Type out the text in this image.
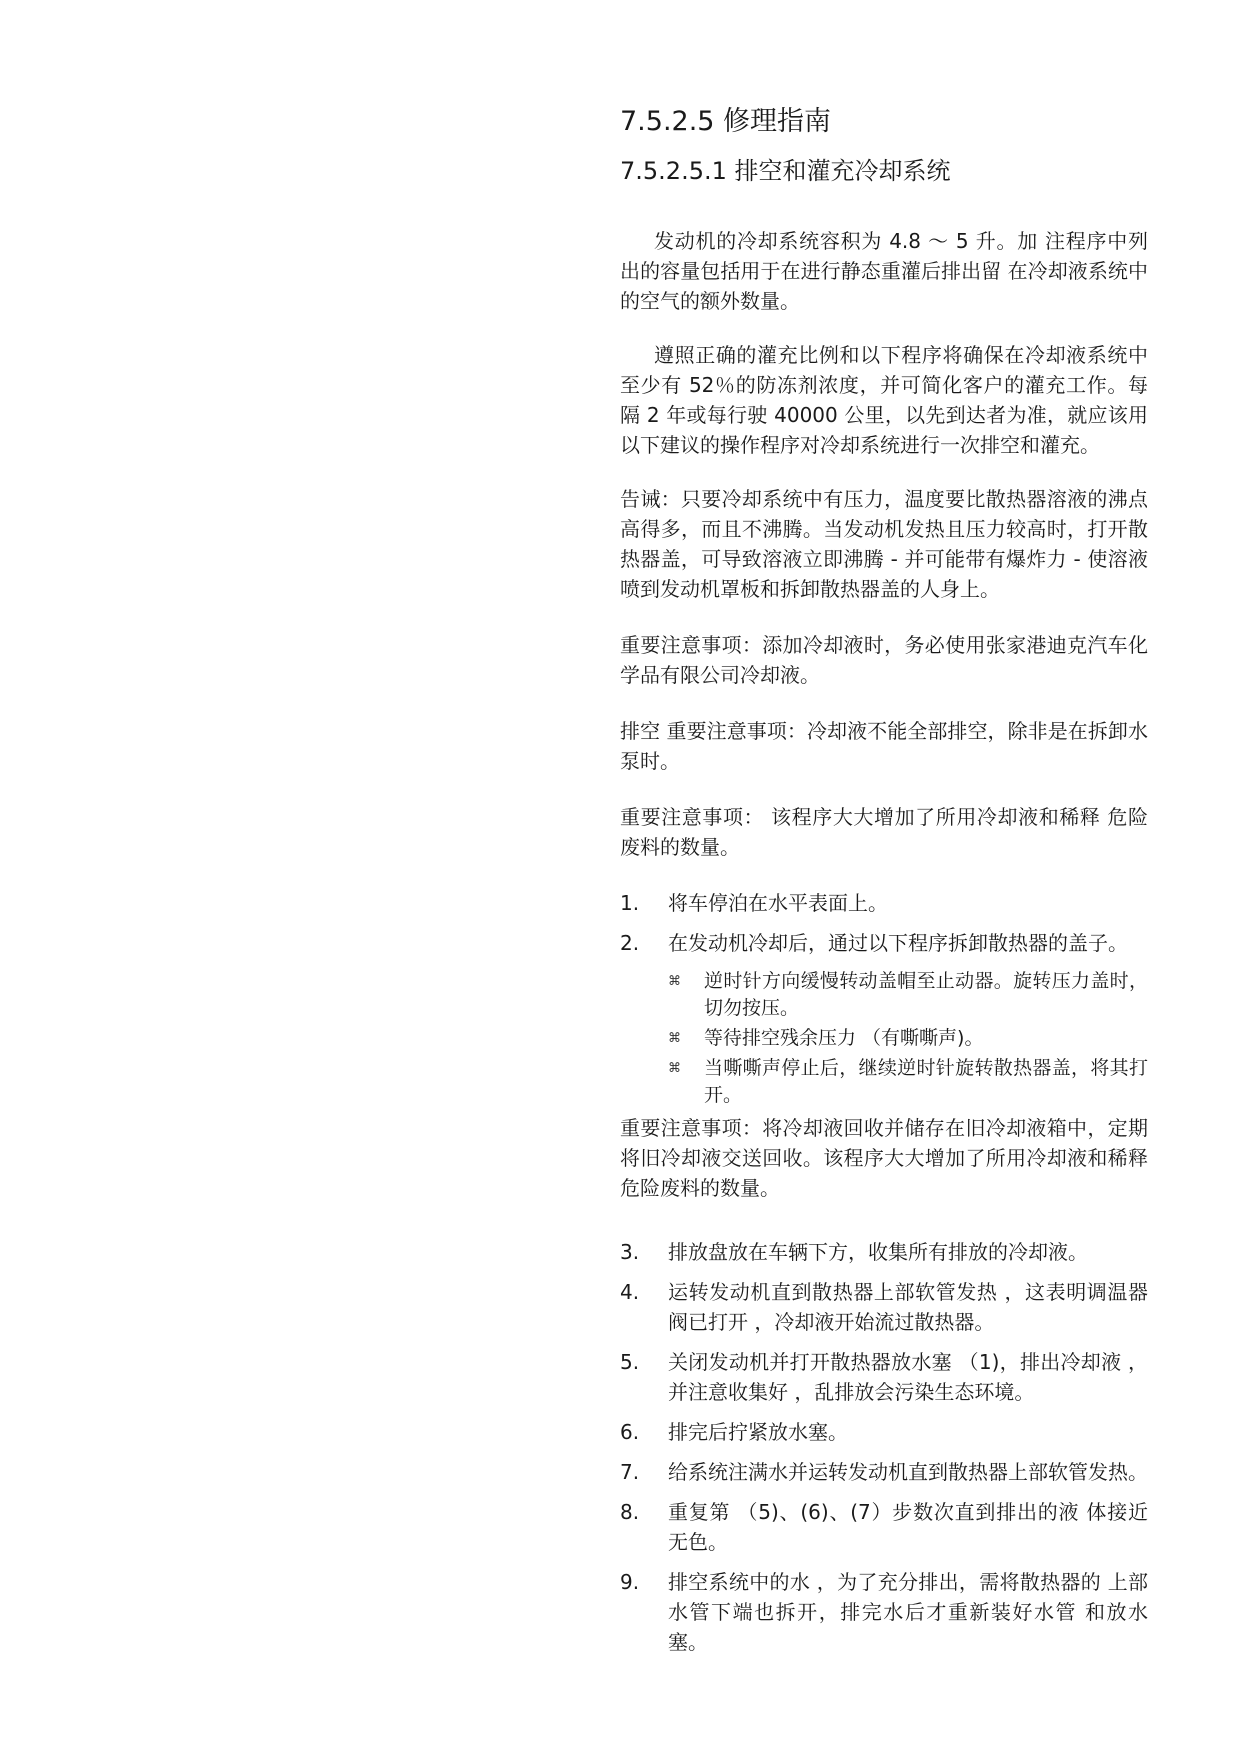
7.5.2.5 修理指南
7.5.2.5.1 排空和灌充冷却系统

发动机的冷却系统容积为 4.8 ～ 5 升。加 注程序中列出的容量包括用于在进行静态重灌后排出留 在冷却液系统中的空气的额外数量。

遵照正确的灌充比例和以下程序将确保在冷却液系统中 至少有 52％的防冻剂浓度，并可简化客户的灌充工作。每隔 2 年或每行驶 40000 公里，以先到达者为准，就应该用以下建议的操作程序对冷却系统进行一次排空和灌充。

告诫：只要冷却系统中有压力，温度要比散热器溶液的沸点高得多，而且不沸腾。当发动机发热且压力较高时，打开散热器盖，可导致溶液立即沸腾 - 并可能带有爆炸力 - 使溶液喷到发动机罩板和拆卸散热器盖的人身上。

重要注意事项：添加冷却液时，务必使用张家港迪克汽车化学品有限公司冷却液。

排空 重要注意事项：冷却液不能全部排空，除非是在拆卸水泵时。

重要注意事项： 该程序大大增加了所用冷却液和稀释 危险废料的数量。

1.	将车停泊在水平表面上。
2.	在发动机冷却后，通过以下程序拆卸散热器的盖子。
⌘	逆时针方向缓慢转动盖帽至止动器。旋转压力盖时，切勿按压。
⌘	等待排空残余压力 （有嘶嘶声)。
⌘	当嘶嘶声停止后，继续逆时针旋转散热器盖，将其打开。
重要注意事项：将冷却液回收并储存在旧冷却液箱中，定期将旧冷却液交送回收。该程序大大增加了所用冷却液和稀释危险废料的数量。
3.	排放盘放在车辆下方，收集所有排放的冷却液。
4.	运转发动机直到散热器上部软管发热 ，这表明调温器阀已打开 ，冷却液开始流过散热器。
5.	关闭发动机并打开散热器放水塞 （1)，排出冷却液 ，并注意收集好 ，乱排放会污染生态环境。
6.	排完后拧紧放水塞。
7.	给系统注满水并运转发动机直到散热器上部软管发热。
8.	重复第 （5)、(6)、(7）步数次直到排出的液 体接近无色。
9.	排空系统中的水 ，为了充分排出，需将散热器的 上部水管下端也拆开，排完水后才重新装好水管 和放水塞。
